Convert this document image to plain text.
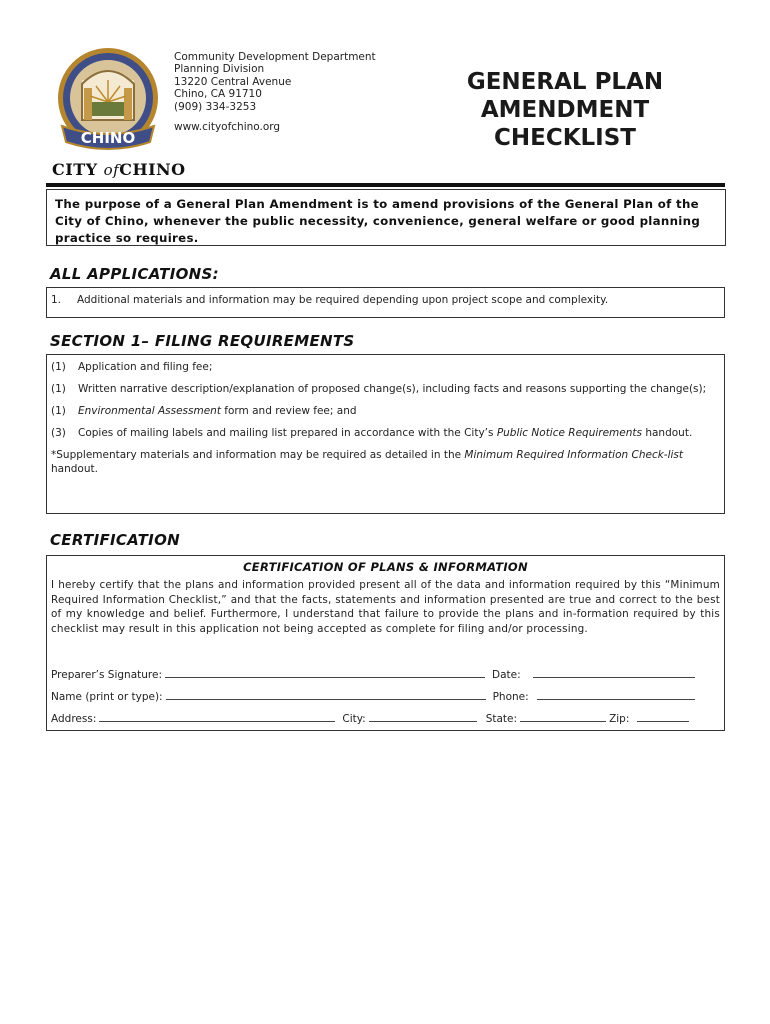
CHINO
Community Development Department
Planning Division
13220 Central Avenue
Chino, CA 91710
(909) 334-3253
www.cityofchino.org
GENERAL PLAN
AMENDMENT
CHECKLIST
CITY ofCHINO
The purpose of a General Plan Amendment is to amend provisions of the General Plan of the City of Chino, whenever the public necessity, convenience, general welfare or good planning practice so requires.
ALL APPLICATIONS:
1. Additional materials and information may be required depending upon project scope and complexity.
SECTION 1– FILING REQUIREMENTS
(1)	Application and filing fee;
(1)	Written narrative description/explanation of proposed change(s), including facts and reasons supporting the change(s);
(1)	Environmental Assessment form and review fee; and
(3)	Copies of mailing labels and mailing list prepared in accordance with the City’s Public Notice Requirements handout.
*Supplementary materials and information may be required as detailed in the Minimum Required Information Check-list handout.
CERTIFICATION
CERTIFICATION OF PLANS & INFORMATION
I hereby certify that the plans and information provided present all of the data and information required by this “Minimum Required Information Checklist,” and that the facts, statements and information presented are true and correct to the best of my knowledge and belief. Furthermore, I understand that failure to provide the plans and in-formation required by this checklist may result in this application not being accepted as complete for filing and/or processing.
Preparer’s Signature:	Date:
Name (print or type):	Phone:
Address:	City:	State:	Zip:
